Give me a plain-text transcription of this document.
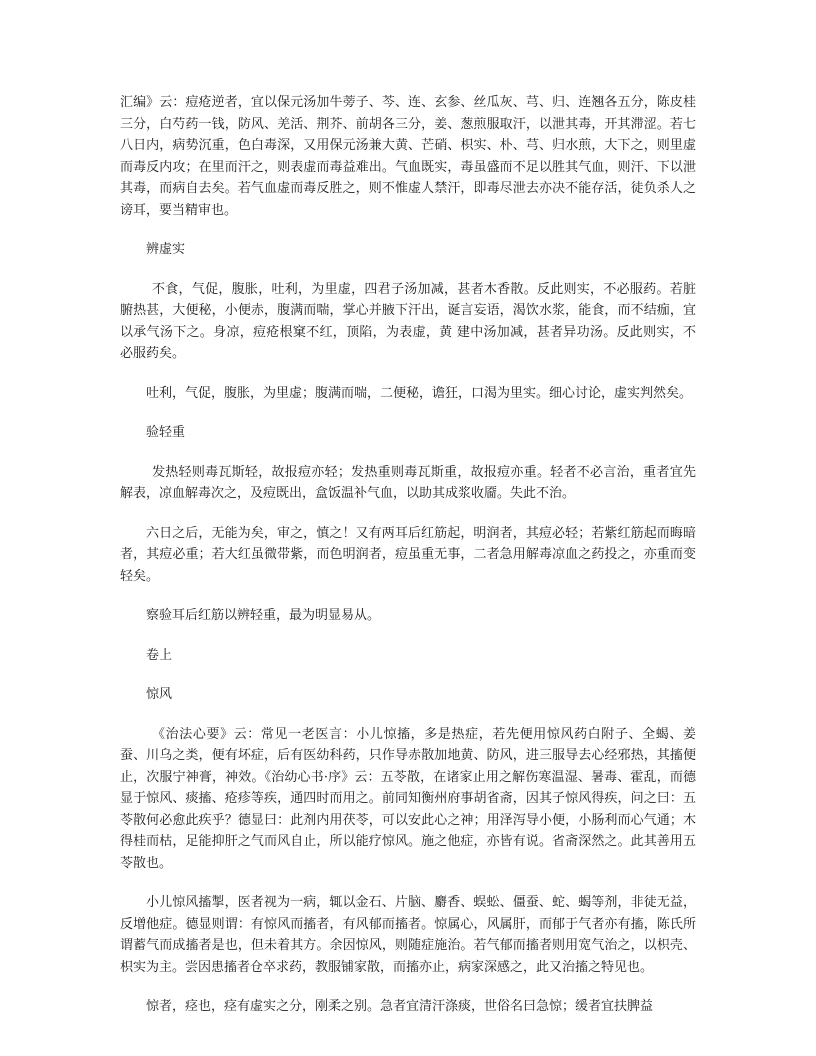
汇编》云：痘疮逆者，宜以保元汤加牛蒡子、芩、连、玄参、丝瓜灰、芎、归、连翘各五分，陈皮桂三分，白芍药一钱，防风、羌活、荆芥、前胡各三分，姜、葱煎服取汗，以泄其毒，开其滞涩。若七八日内，病势沉重，色白毒深，又用保元汤兼大黄、芒硝、枳实、朴、芎、归水煎，大下之，则里虚而毒反内攻；在里而汗之，则表虚而毒益难出。气血既实，毒虽盛而不足以胜其气血，则汗、下以泄其毒，而病自去矣。若气血虚而毒反胜之，则不惟虚人禁汗，即毒尽泄去亦决不能存活，徒负杀人之谤耳，要当精审也。

辨虚实

不食，气促，腹胀，吐利，为里虚，四君子汤加减，甚者木香散。反此则实，不必服药。若脏腑热甚，大便秘，小便赤，腹满而喘，掌心并腋下汗出，诞言妄语，渴饮水浆，能食，而不结痂，宜以承气汤下之。身凉，痘疮根窠不红，顶陷，为表虚，黄 建中汤加减，甚者异功汤。反此则实，不必服药矣。

吐利，气促，腹胀，为里虚；腹满而喘，二便秘，谵狂，口渴为里实。细心讨论，虚实判然矣。

验轻重

发热轻则毒瓦斯轻，故报痘亦轻；发热重则毒瓦斯重，故报痘亦重。轻者不必言治，重者宜先解表，凉血解毒次之，及痘既出，盒饭温补气血，以助其成浆收靥。失此不治。

六日之后，无能为矣，审之，慎之！又有两耳后红筋起，明润者，其痘必轻；若紫红筋起而晦暗者，其痘必重；若大红虽微带紫，而色明润者，痘虽重无事，二者急用解毒凉血之药投之，亦重而变轻矣。

察验耳后红筋以辨轻重，最为明显易从。

卷上

惊风

《治法心要》云：常见一老医言：小儿惊搐，多是热症，若先便用惊风药白附子、全蝎、姜蚕、川乌之类，便有坏症，后有医幼科药，只作导赤散加地黄、防风，进三服导去心经邪热，其搐便止，次服宁神膏，神效。《治幼心书·序》云：五苓散，在诸家止用之解伤寒温湿、暑毒、霍乱，而德显于惊风、痰搐、疮疹等疾，通四时而用之。前同知衡州府事胡省斋，因其子惊风得疾，问之曰：五苓散何必愈此疾乎？德显曰：此剂内用茯苓，可以安此心之神；用泽泻导小便，小肠利而心气通；木得桂而枯，足能抑肝之气而风自止，所以能疗惊风。施之他症，亦皆有说。省斋深然之。此其善用五苓散也。

小儿惊风搐掣，医者视为一病，辄以金石、片脑、麝香、蜈蚣、僵蚕、蛇、蝎等剂，非徒无益，反增他症。德显则谓：有惊风而搐者，有风郁而搐者。惊属心，风属肝，而郁于气者亦有搐，陈氏所谓蓄气而成搐者是也，但未着其方。余因惊风，则随症施治。若气郁而搐者则用宽气治之，以枳壳、枳实为主。尝因患搐者仓卒求药，教服铺家散，而搐亦止，病家深感之，此又治搐之特见也。

惊者，痉也，痉有虚实之分，刚柔之别。急者宜清汗涤痰，世俗名曰急惊；缓者宜扶脾益
